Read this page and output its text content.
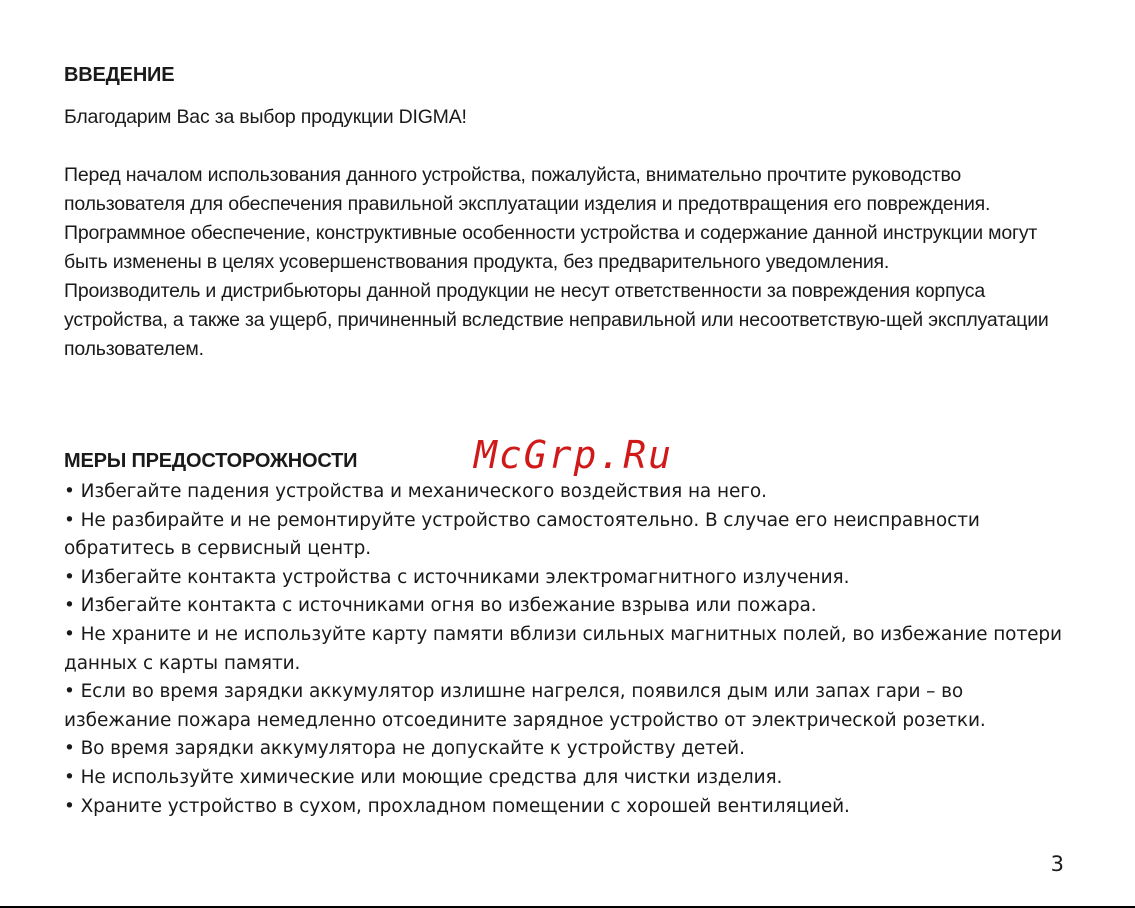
ВВЕДЕНИЕ

Благодарим Вас за выбор продукции DIGMA!

Перед началом использования данного устройства, пожалуйста, внимательно прочтите руководство пользователя для обеспечения правильной эксплуатации изделия и предотвращения его повреждения.

Программное обеспечение, конструктивные особенности устройства и содержание данной инструкции могут быть изменены в целях усовершенствования продукта, без предварительного уведомления.

Производитель и дистрибьюторы данной продукции не несут ответственности за повреждения корпуса устройства, а также за ущерб, причиненный вследствие неправильной или несоответствую-щей эксплуатации пользователем.

МЕРЫ ПРЕДОСТОРОЖНОСТИ	McGrp.Ru
• Избегайте падения устройства и механического воздействия на него.
• Не разбирайте и не ремонтируйте устройство самостоятельно. В случае его неисправности обратитесь в сервисный центр.
• Избегайте контакта устройства с источниками электромагнитного излучения.
• Избегайте контакта с источниками огня во избежание взрыва или пожара.
• Не храните и не используйте карту памяти вблизи сильных магнитных полей, во избежание потери данных с карты памяти.
• Если во время зарядки аккумулятор излишне нагрелся, появился дым или запах гари – во избежание пожара немедленно отсоедините зарядное устройство от электрической розетки.
• Во время зарядки аккумулятора не допускайте к устройству детей.
• Не используйте химические или моющие средства для чистки изделия.
• Храните устройство в сухом, прохладном помещении с хорошей вентиляцией.
3
